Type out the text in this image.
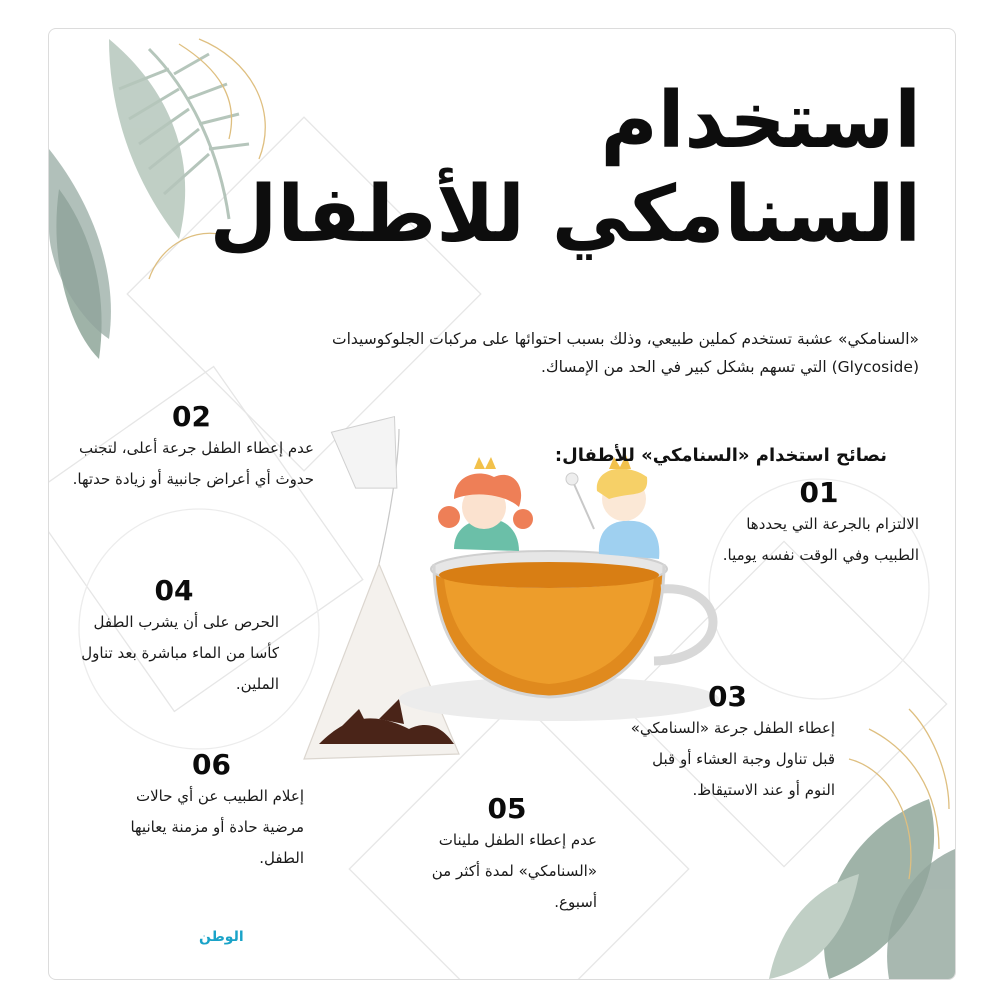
استخدام
السنامكي للأطفال
«السنامكي» عشبة تستخدم كملين طبيعي، وذلك بسبب احتوائها على مركبات الجلوكوسيدات (Glycoside) التي تسهم بشكل كبير في الحد من الإمساك.
نصائح استخدام «السنامكي» للأطفال:
01
الالتزام بالجرعة التي يحددها الطبيب وفي الوقت نفسه يوميا.
02
عدم إعطاء الطفل جرعة أعلى، لتجنب حدوث أي أعراض جانبية أو زيادة حدتها.
03
إعطاء الطفل جرعة «السنامكي» قبل تناول وجبة العشاء أو قبل النوم أو عند الاستيقاظ.
04
الحرص على أن يشرب الطفل كأسا من الماء مباشرة بعد تناول الملين.
05
عدم إعطاء الطفل ملينات «السنامكي» لمدة أكثر من أسبوع.
06
إعلام الطبيب عن أي حالات مرضية حادة أو مزمنة يعانيها الطفل.
الوطن
